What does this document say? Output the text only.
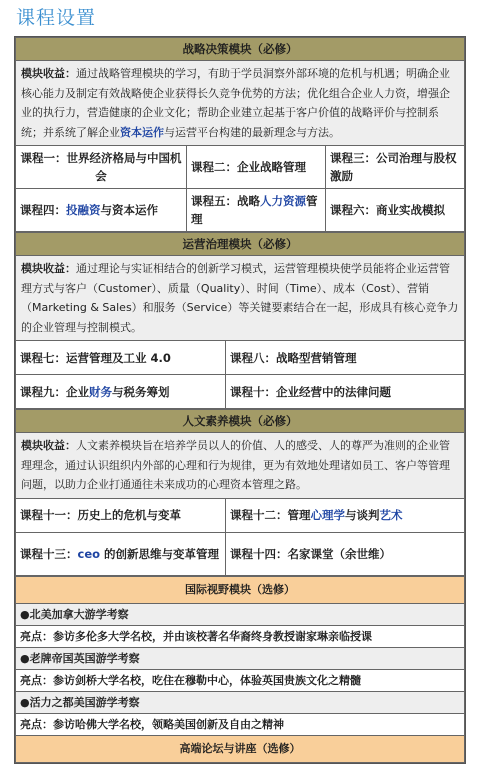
课程设置
战略决策模块（必修）		
模块收益：通过战略管理模块的学习，有助于学员洞察外部环境的危机与机遇；明确企业核心能力及制定有效战略使企业获得长久竞争优势的方法；优化组合企业人力资，增强企业的执行力，营造健康的企业文化；帮助企业建立起基于客户价值的战略评价与控制系统；并系统了解企业资本运作与运营平台构建的最新理念与方法。		
课程一：世界经济格局与中国机会	课程二：企业战略管理	课程三：公司治理与股权激励
课程四：投融资与资本运作	课程五：战略人力资源管理	课程六：商业实战模拟
运营治理模块（必修）	
模块收益：通过理论与实证相结合的创新学习模式，运营管理模块使学员能将企业运营管理方式与客户（Customer）、质量（Quality）、时间（Time）、成本（Cost）、营销（Marketing & Sales）和服务（Service）等关键要素结合在一起，形成具有核心竞争力的企业管理与控制模式。	
课程七：运营管理及工业 4.0	课程八：战略型营销管理
课程九：企业财务与税务筹划	课程十：企业经营中的法律问题
人文素养模块（必修）	
模块收益：人文素养模块旨在培养学员以人的价值、人的感受、人的尊严为准则的企业管理理念，通过认识组织内外部的心理和行为规律，更为有效地处理诸如员工、客户等管理问题，以助力企业打通通往未来成功的心理资本管理之路。	
课程十一：历史上的危机与变革	课程十二：管理心理学与谈判艺术
课程十三：ceo 的创新思维与变革管理	课程十四：名家课堂（余世维）
国际视野模块（选修）
●北美加拿大游学考察
亮点：参访多伦多大学名校，并由该校著名华裔终身教授谢家琳亲临授课
●老牌帝国英国游学考察
亮点：参访剑桥大学名校，吃住在穆勒中心，体验英国贵族文化之精髓
●活力之都美国游学考察
亮点：参访哈佛大学名校，领略美国创新及自由之精神
高端论坛与讲座（选修）
